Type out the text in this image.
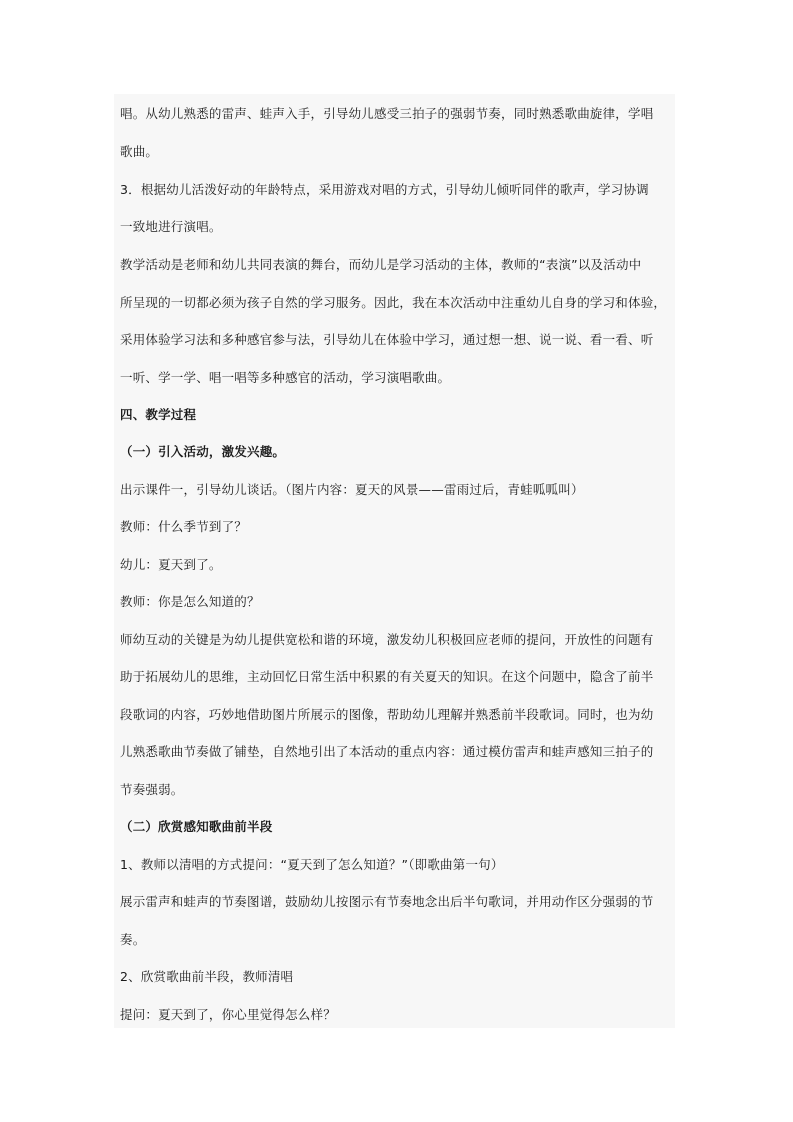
唱。从幼儿熟悉的雷声、蛙声入手，引导幼儿感受三拍子的强弱节奏，同时熟悉歌曲旋律，学唱
歌曲。
3．根据幼儿活泼好动的年龄特点，采用游戏对唱的方式，引导幼儿倾听同伴的歌声，学习协调
一致地进行演唱。
教学活动是老师和幼儿共同表演的舞台，而幼儿是学习活动的主体，教师的“表演”以及活动中
所呈现的一切都必须为孩子自然的学习服务。因此，我在本次活动中注重幼儿自身的学习和体验，
采用体验学习法和多种感官参与法，引导幼儿在体验中学习，通过想一想、说一说、看一看、听
一听、学一学、唱一唱等多种感官的活动，学习演唱歌曲。
四、教学过程
（一）引入活动，激发兴趣。
出示课件一，引导幼儿谈话。（图片内容：夏天的风景——雷雨过后，青蛙呱呱叫）
教师：什么季节到了？
幼儿：夏天到了。
教师：你是怎么知道的？
师幼互动的关键是为幼儿提供宽松和谐的环境，激发幼儿积极回应老师的提问，开放性的问题有
助于拓展幼儿的思维，主动回忆日常生活中积累的有关夏天的知识。在这个问题中，隐含了前半
段歌词的内容，巧妙地借助图片所展示的图像，帮助幼儿理解并熟悉前半段歌词。同时，也为幼
儿熟悉歌曲节奏做了铺垫，自然地引出了本活动的重点内容：通过模仿雷声和蛙声感知三拍子的
节奏强弱。
（二）欣赏感知歌曲前半段
1、教师以清唱的方式提问：“夏天到了怎么知道？”（即歌曲第一句）
展示雷声和蛙声的节奏图谱，鼓励幼儿按图示有节奏地念出后半句歌词，并用动作区分强弱的节
奏。
2、欣赏歌曲前半段，教师清唱
提问：夏天到了，你心里觉得怎么样？
